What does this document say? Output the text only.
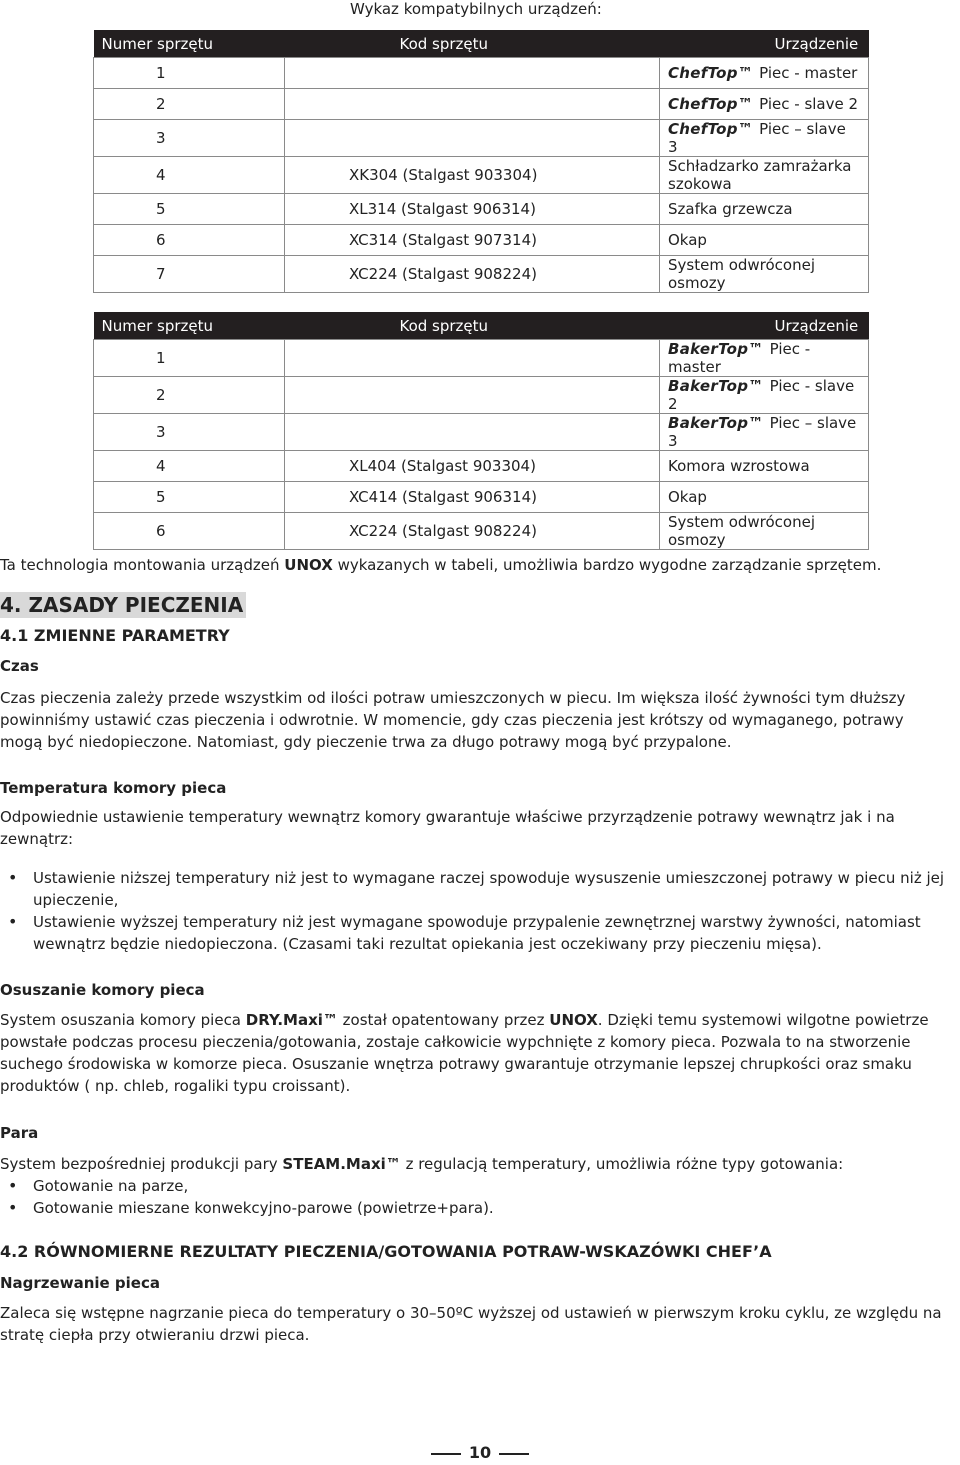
Wykaz kompatybilnych urządzeń:
Numer sprzętu	Kod sprzętu	Urządzenie
1		ChefTop™ Piec - master
2		ChefTop™ Piec - slave 2
3		ChefTop™ Piec – slave 3
4	XK304 (Stalgast 903304)	Schładzarko zamrażarka szokowa
5	XL314 (Stalgast 906314)	Szafka grzewcza
6	XC314 (Stalgast 907314)	Okap
7	XC224 (Stalgast 908224)	System odwróconej osmozy
Numer sprzętu	Kod sprzętu	Urządzenie
1		BakerTop™ Piec - master
2		BakerTop™ Piec - slave 2
3		BakerTop™ Piec – slave 3
4	XL404 (Stalgast 903304)	Komora wzrostowa
5	XC414 (Stalgast 906314)	Okap
6	XC224 (Stalgast 908224)	System odwróconej osmozy

Ta technologia montowania urządzeń UNOX wykazanych w tabeli, umożliwia bardzo wygodne zarządzanie sprzętem.

4. ZASADY PIECZENIA
4.1 ZMIENNE PARAMETRY

Czas

Czas pieczenia zależy przede wszystkim od ilości potraw umieszczonych w piecu. Im większa ilość żywności tym dłuższy powinniśmy ustawić czas pieczenia i odwrotnie. W momencie, gdy czas pieczenia jest krótszy od wymaganego, potrawy mogą być niedopieczone. Natomiast, gdy pieczenie trwa za długo potrawy mogą być przypalone.

Temperatura komory pieca

Odpowiednie ustawienie temperatury wewnątrz komory gwarantuje właściwe przyrządzenie potrawy wewnątrz jak i na zewnątrz:

• Ustawienie niższej temperatury niż jest to wymagane raczej spowoduje wysuszenie umieszczonej potrawy w piecu niż jej upieczenie,
• Ustawienie wyższej temperatury niż jest wymagane spowoduje przypalenie zewnętrznej warstwy żywności, natomiast wewnątrz będzie niedopieczona. (Czasami taki rezultat opiekania jest oczekiwany przy pieczeniu mięsa).

Osuszanie komory pieca

System osuszania komory pieca DRY.Maxi™ został opatentowany przez UNOX. Dzięki temu systemowi wilgotne powietrze powstałe podczas procesu pieczenia/gotowania, zostaje całkowicie wypchnięte z komory pieca. Pozwala to na stworzenie suchego środowiska w komorze pieca. Osuszanie wnętrza potrawy gwarantuje otrzymanie lepszej chrupkości oraz smaku produktów ( np. chleb, rogaliki typu croissant).

Para

System bezpośredniej produkcji pary STEAM.Maxi™ z regulacją temperatury, umożliwia różne typy gotowania:

• Gotowanie na parze,
• Gotowanie mieszane konwekcyjno-parowe (powietrze+para).
4.2 RÓWNOMIERNE REZULTATY PIECZENIA/GOTOWANIA POTRAW-WSKAZÓWKI CHEF’A

Nagrzewanie pieca

Zaleca się wstępne nagrzanie pieca do temperatury o 30–50ºC wyższej od ustawień w pierwszym kroku cyklu, ze względu na stratę ciepła przy otwieraniu drzwi pieca.

10
